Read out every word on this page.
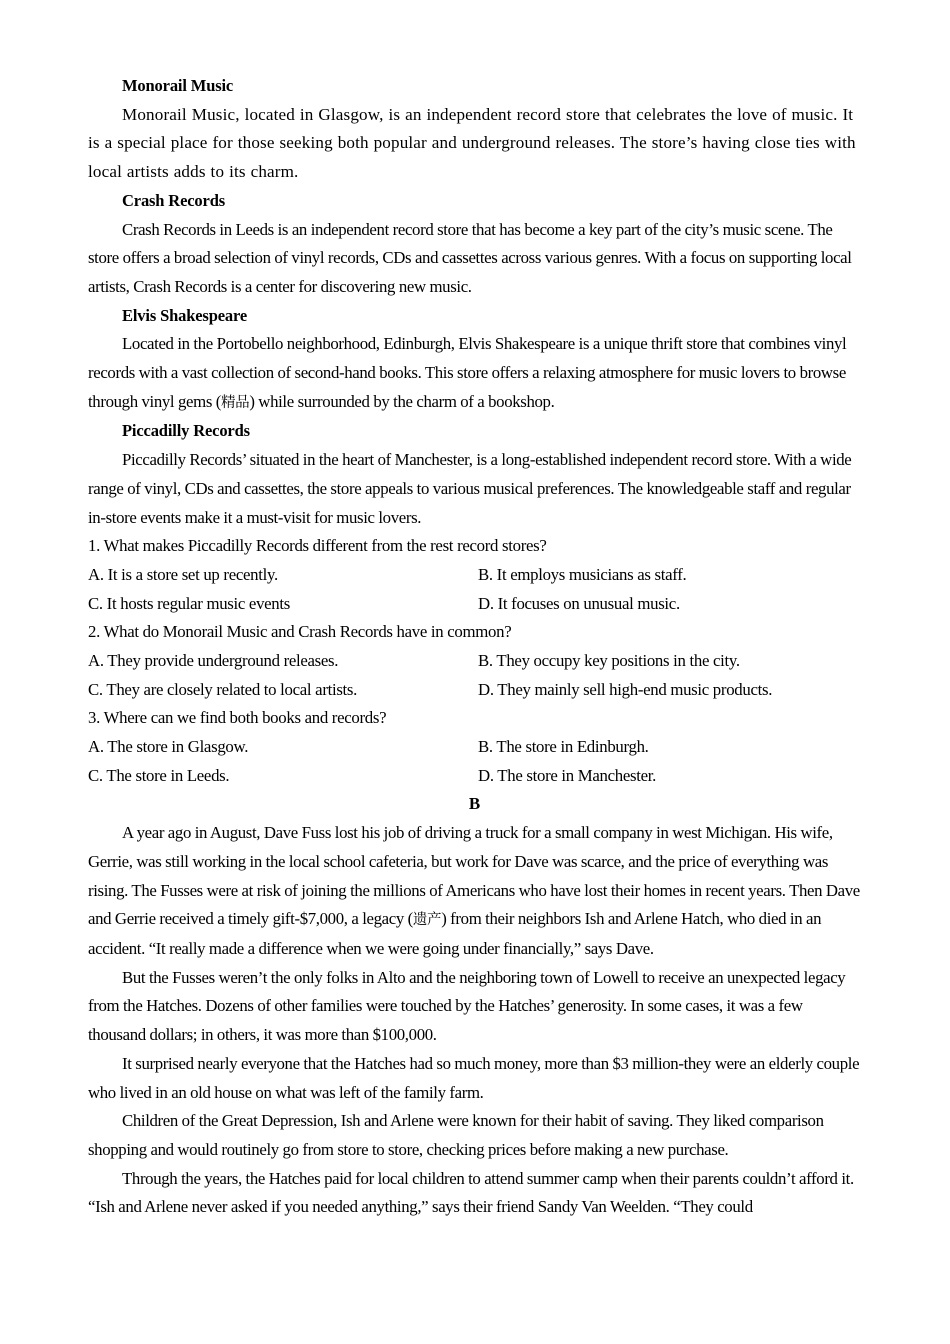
Monorail Music

Monorail Music, located in Glasgow, is an independent record store that celebrates the love of music. It is a special place for those seeking both popular and underground releases. The store’s having close ties with local artists adds to its charm.

Crash Records

Crash Records in Leeds is an independent record store that has become a key part of the city’s music scene. The store offers a broad selection of vinyl records, CDs and cassettes across various genres. With a focus on supporting local artists, Crash Records is a center for discovering new music.

Elvis Shakespeare

Located in the Portobello neighborhood, Edinburgh, Elvis Shakespeare is a unique thrift store that combines vinyl records with a vast collection of second-hand books. This store offers a relaxing atmosphere for music lovers to browse through vinyl gems (精品) while surrounded by the charm of a bookshop.

Piccadilly Records

Piccadilly Records’ situated in the heart of Manchester, is a long-established independent record store. With a wide range of vinyl, CDs and cassettes, the store appeals to various musical preferences. The knowledgeable staff and regular in-store events make it a must-visit for music lovers.

1. What makes Piccadilly Records different from the rest record stores?

A. It is a store set up recently.	B. It employs musicians as staff.
C. It hosts regular music events	D. It focuses on unusual music.

2. What do Monorail Music and Crash Records have in common?

A. They provide underground releases.	B. They occupy key positions in the city.
C. They are closely related to local artists.	D. They mainly sell high-end music products.

3. Where can we find both books and records?

A. The store in Glasgow.	B. The store in Edinburgh.
C. The store in Leeds.	D. The store in Manchester.

B

A year ago in August, Dave Fuss lost his job of driving a truck for a small company in west Michigan. His wife, Gerrie, was still working in the local school cafeteria, but work for Dave was scarce, and the price of everything was rising. The Fusses were at risk of joining the millions of Americans who have lost their homes in recent years. Then Dave and Gerrie received a timely gift-$7,000, a legacy (遗产) from their neighbors Ish and Arlene Hatch, who died in an accident. “It really made a difference when we were going under financially,” says Dave.

But the Fusses weren’t the only folks in Alto and the neighboring town of Lowell to receive an unexpected legacy from the Hatches. Dozens of other families were touched by the Hatches’ generosity. In some cases, it was a few thousand dollars; in others, it was more than $100,000.

It surprised nearly everyone that the Hatches had so much money, more than $3 million-they were an elderly couple who lived in an old house on what was left of the family farm.

Children of the Great Depression, Ish and Arlene were known for their habit of saving. They liked comparison shopping and would routinely go from store to store, checking prices before making a new purchase.

Through the years, the Hatches paid for local children to attend summer camp when their parents couldn’t afford it. “Ish and Arlene never asked if you needed anything,” says their friend Sandy Van Weelden. “They could
